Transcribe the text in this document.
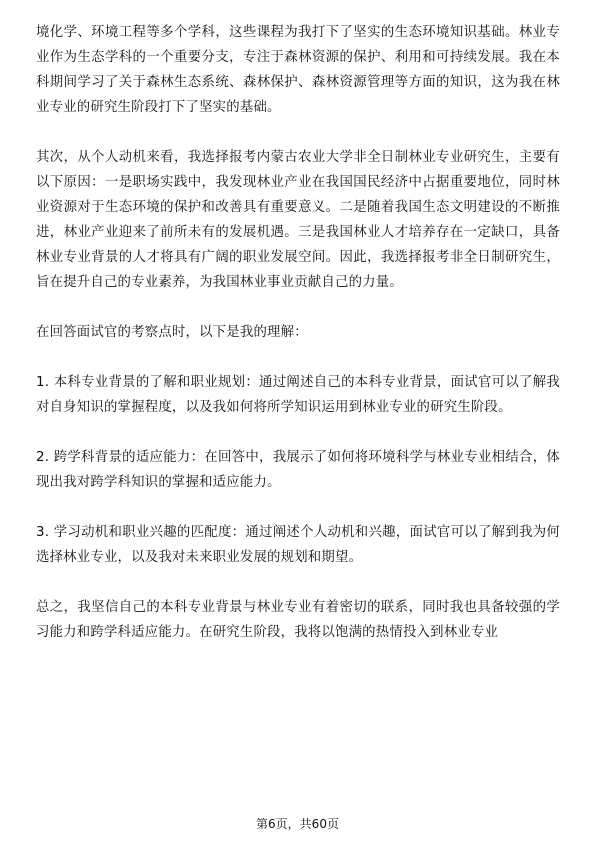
境化学、环境工程等多个学科，这些课程为我打下了坚实的生态环境知识基础。林业专业作为生态学科的一个重要分支，专注于森林资源的保护、利用和可持续发展。我在本科期间学习了关于森林生态系统、森林保护、森林资源管理等方面的知识，这为我在林业专业的研究生阶段打下了坚实的基础。

其次，从个人动机来看，我选择报考内蒙古农业大学非全日制林业专业研究生，主要有以下原因：一是职场实践中，我发现林业产业在我国国民经济中占据重要地位，同时林业资源对于生态环境的保护和改善具有重要意义。二是随着我国生态文明建设的不断推进，林业产业迎来了前所未有的发展机遇。三是我国林业人才培养存在一定缺口，具备林业专业背景的人才将具有广阔的职业发展空间。因此，我选择报考非全日制研究生，旨在提升自己的专业素养，为我国林业事业贡献自己的力量。

在回答面试官的考察点时，以下是我的理解：

1. 本科专业背景的了解和职业规划：通过阐述自己的本科专业背景，面试官可以了解我对自身知识的掌握程度，以及我如何将所学知识运用到林业专业的研究生阶段。

2. 跨学科背景的适应能力：在回答中，我展示了如何将环境科学与林业专业相结合，体现出我对跨学科知识的掌握和适应能力。

3. 学习动机和职业兴趣的匹配度：通过阐述个人动机和兴趣，面试官可以了解到我为何选择林业专业，以及我对未来职业发展的规划和期望。

总之，我坚信自己的本科专业背景与林业专业有着密切的联系，同时我也具备较强的学习能力和跨学科适应能力。在研究生阶段，我将以饱满的热情投入到林业专业

第6页，共60页
